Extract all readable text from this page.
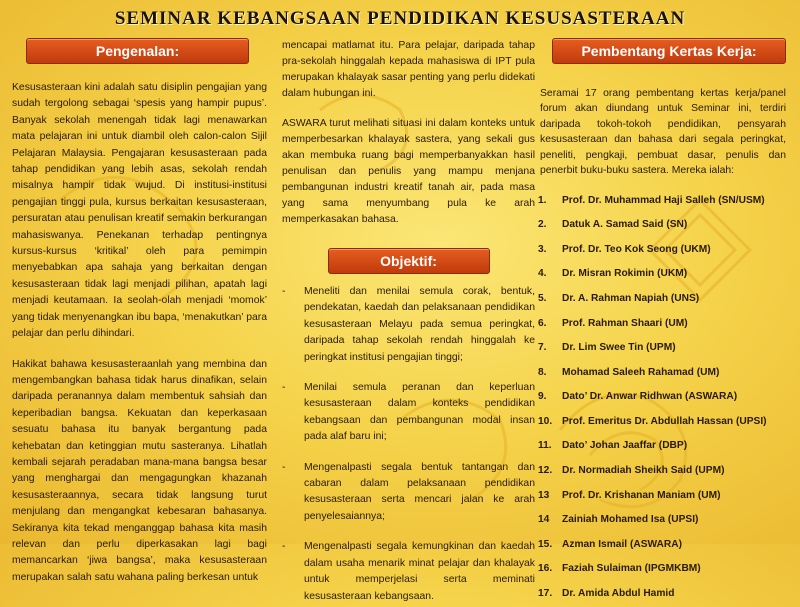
SEMINAR KEBANGSAAN PENDIDIKAN KESUSASTERAAN
Pengenalan:

Kesusasteraan kini adalah satu disiplin pengajian yang sudah tergolong sebagai ‘spesis yang hampir pupus’. Banyak sekolah menengah tidak lagi menawarkan mata pelajaran ini untuk diambil oleh calon-calon Sijil Pelajaran Malaysia. Pengajaran kesusasteraan pada tahap pendidikan yang lebih asas, sekolah rendah misalnya hampir tidak wujud. Di institusi-institusi pengajian tinggi pula, kursus berkaitan kesusasteraan, persuratan atau penulisan kreatif semakin berkurangan mahasiswanya. Penekanan terhadap pentingnya kursus-kursus ‘kritikal’ oleh para pemimpin menyebabkan apa sahaja yang berkaitan dengan kesusasteraan tidak lagi menjadi pilihan, apatah lagi menjadi keutamaan. Ia seolah-olah menjadi ‘momok’ yang tidak menyenangkan ibu bapa, ‘menakutkan’ para pelajar dan perlu dihindari.

Hakikat bahawa kesusasteraanlah yang membina dan mengembangkan bahasa tidak harus dinafikan, selain daripada peranannya dalam membentuk sahsiah dan keperibadian bangsa. Kekuatan dan keperkasaan sesuatu bahasa itu banyak bergantung pada kehebatan dan ketinggian mutu sasteranya. Lihatlah kembali sejarah peradaban mana-mana bangsa besar yang menghargai dan mengagungkan khazanah kesusasteraannya, secara tidak langsung turut menjulang dan mengangkat kebesaran bahasanya. Sekiranya kita tekad menganggap bahasa kita masih relevan dan perlu diperkasakan lagi bagi memancarkan ‘jiwa bangsa’, maka kesusasteraan merupakan salah satu wahana paling berkesan untuk

mencapai matlamat itu. Para pelajar, daripada tahap pra-sekolah hinggalah kepada mahasiswa di IPT pula merupakan khalayak sasar penting yang perlu didekati dalam hubungan ini.

ASWARA turut melihati situasi ini dalam konteks untuk memperbesarkan khalayak sastera, yang sekali gus akan membuka ruang bagi memperbanyakkan hasil penulisan dan penulis yang mampu menjana pembangunan industri kreatif tanah air, pada masa yang sama menyumbang pula ke arah memperkasakan bahasa.

Objektif:
-	Meneliti dan menilai semula corak, bentuk, pendekatan, kaedah dan pelaksanaan pendidikan kesusasteraan Melayu pada semua peringkat, daripada tahap sekolah rendah hinggalah ke peringkat institusi pengajian tinggi;
-	Menilai semula peranan dan keperluan kesusasteraan dalam konteks pendidikan kebangsaan dan pembangunan modal insan pada alaf baru ini;
-	Mengenalpasti segala bentuk tantangan dan cabaran dalam pelaksanaan pendidikan kesusasteraan serta mencari jalan ke arah penyelesaiannya;
-	Mengenalpasti segala kemungkinan dan kaedah dalam usaha menarik minat pelajar dan khalayak untuk memperjelasi serta meminati kesusasteraan kebangsaan.
Pembentang Kertas Kerja:

Seramai 17 orang pembentang kertas kerja/panel forum akan diundang untuk Seminar ini, terdiri daripada tokoh-tokoh pendidikan, pensyarah kesusasteraan dan bahasa dari segala peringkat, peneliti, pengkaji, pembuat dasar, penulis dan penerbit buku-buku sastera. Mereka ialah:

1.	Prof. Dr. Muhammad Haji Salleh (SN/USM)
2.	Datuk A. Samad Said (SN)
3.	Prof. Dr. Teo Kok Seong (UKM)
4.	Dr. Misran Rokimin (UKM)
5.	Dr. A. Rahman Napiah (UNS)
6.	Prof. Rahman Shaari (UM)
7.	Dr. Lim Swee Tin (UPM)
8.	Mohamad Saleeh Rahamad (UM)
9.	Dato’ Dr. Anwar Ridhwan (ASWARA)
10. Prof. Emeritus Dr. Abdullah Hassan (UPSI)
11.	Dato’ Johan Jaaffar (DBP)
12. Dr. Normadiah Sheikh Said (UPM)
13	Prof. Dr. Krishanan Maniam (UM)
14	Zainiah Mohamed Isa (UPSI)
15. Azman Ismail (ASWARA)
16. Faziah Sulaiman (IPGMKBM)
17. Dr. Amida Abdul Hamid
